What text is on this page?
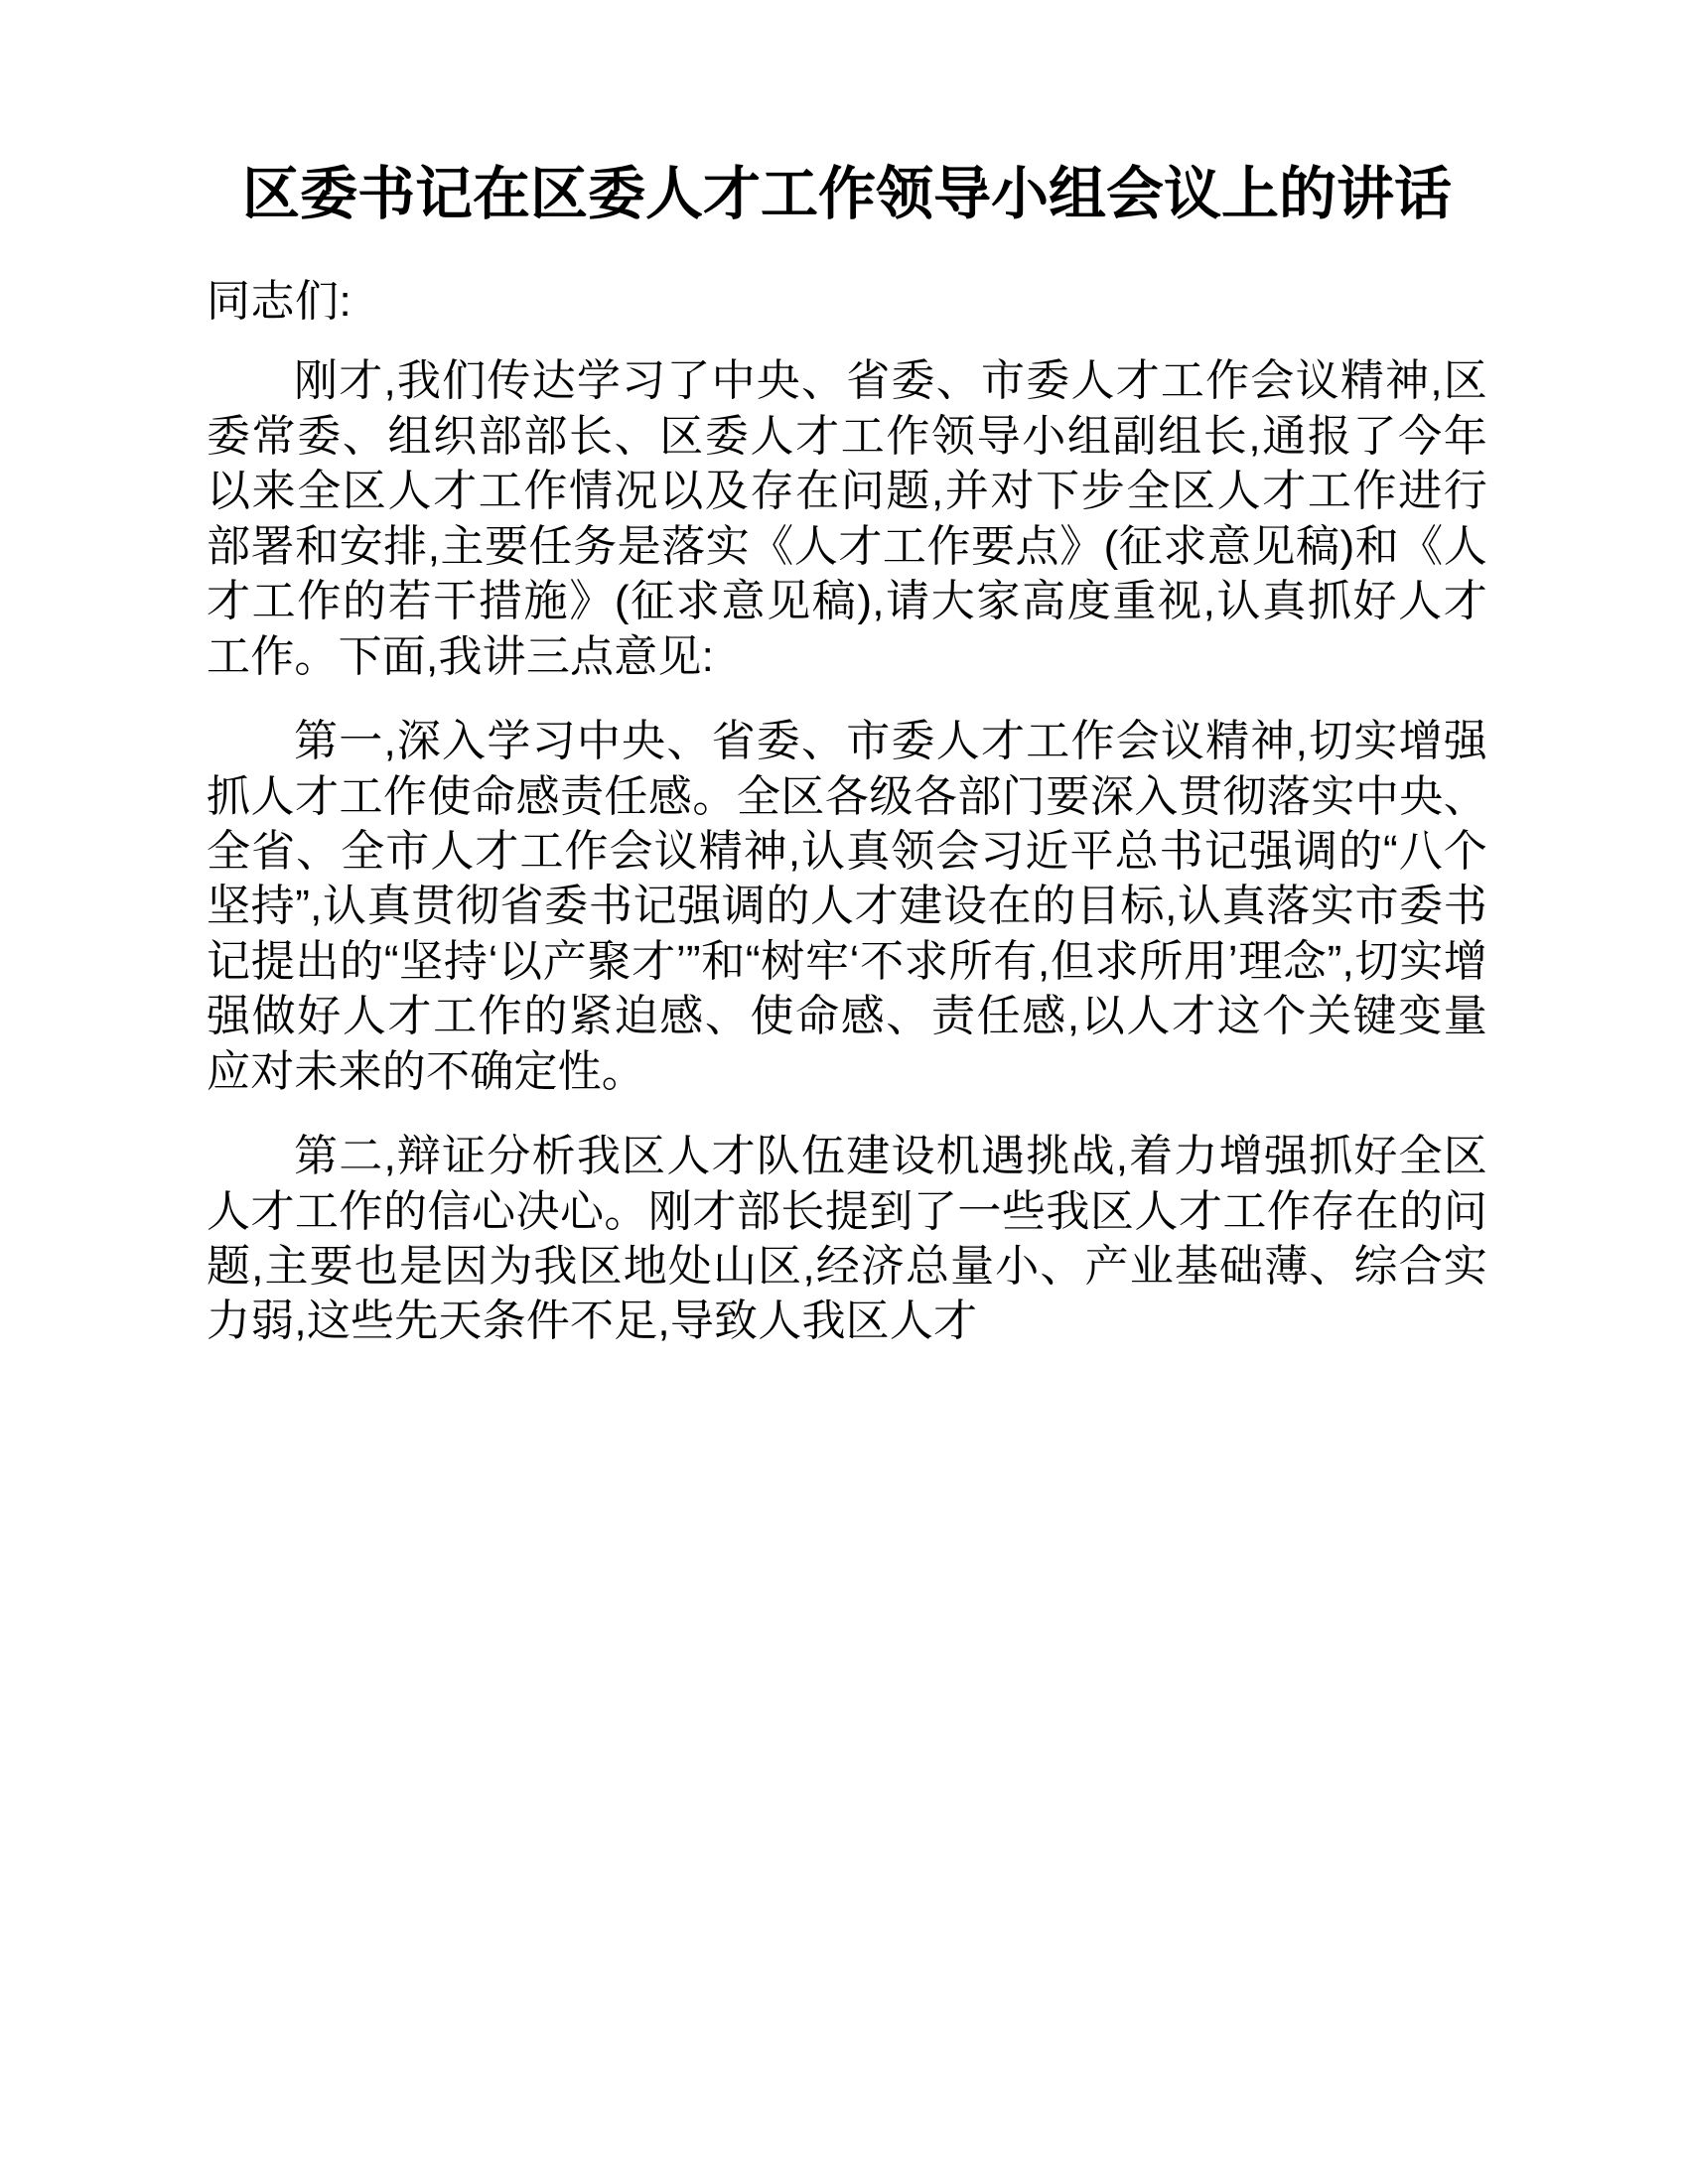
区委书记在区委人才工作领导小组会议上的讲话

同志们:

刚才,我们传达学习了中央、省委、市委人才工作会议精神,区委常委、组织部部长、区委人才工作领导小组副组长,通报了今年以来全区人才工作情况以及存在问题,并对下步全区人才工作进行部署和安排,主要任务是落实《人才工作要点》(征求意见稿)和《人才工作的若干措施》(征求意见稿),请大家高度重视,认真抓好人才工作。下面,我讲三点意见:

第一,深入学习中央、省委、市委人才工作会议精神,切实增强抓人才工作使命感责任感。全区各级各部门要深入贯彻落实中央、全省、全市人才工作会议精神,认真领会习近平总书记强调的“八个坚持”,认真贯彻省委书记强调的人才建设在的目标,认真落实市委书记提出的“坚持‘以产聚才’”和“树牢‘不求所有,但求所用’理念”,切实增强做好人才工作的紧迫感、使命感、责任感,以人才这个关键变量应对未来的不确定性。

第二,辩证分析我区人才队伍建设机遇挑战,着力增强抓好全区人才工作的信心决心。刚才部长提到了一些我区人才工作存在的问题,主要也是因为我区地处山区,经济总量小、产业基础薄、综合实力弱,这些先天条件不足,导致人我区人才
